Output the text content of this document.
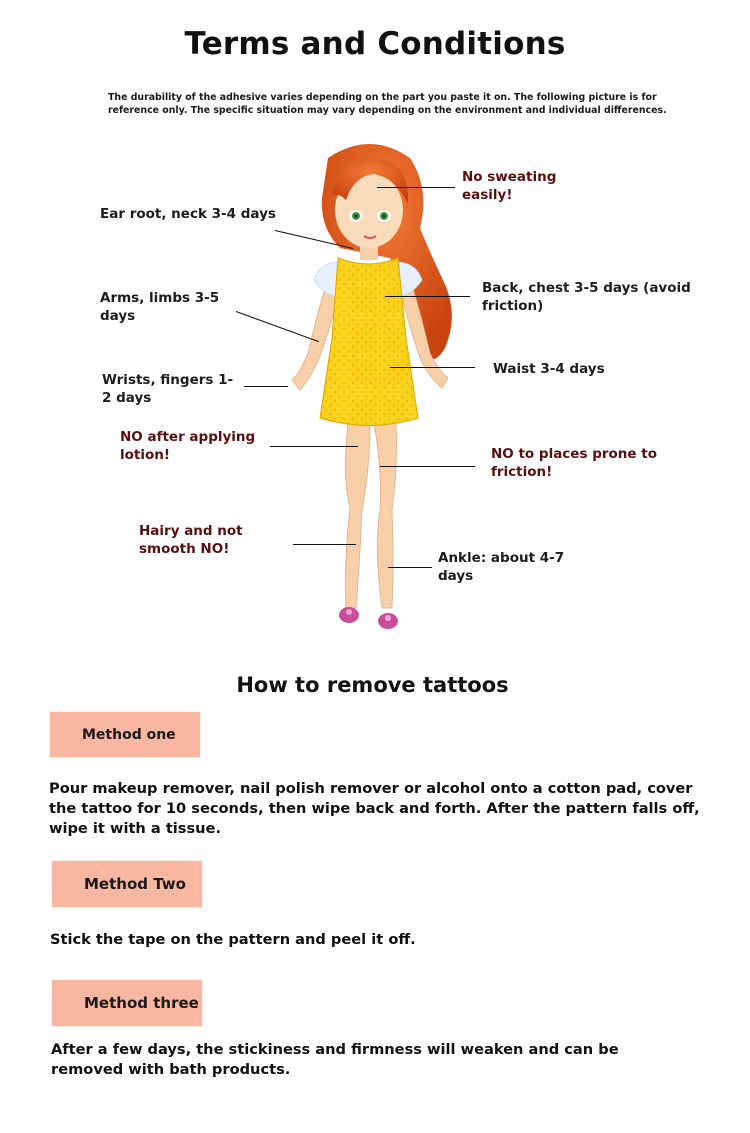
Terms and Conditions
The durability of the adhesive varies depending on the part you paste it on. The following picture is for reference only. The specific situation may vary depending on the environment and individual differences.
No sweating easily!
Ear root, neck 3-4 days
Back, chest 3-5 days (avoid friction)
Arms, limbs 3-5 days
Waist 3-4 days
Wrists, fingers 1-2 days
NO after applying lotion!	NO to places prone to friction!
Hairy and not smooth NO!
Ankle: about 4-7 days
How to remove tattoos
Method one
Pour makeup remover, nail polish remover or alcohol onto a cotton pad, cover the tattoo for 10 seconds, then wipe back and forth. After the pattern falls off, wipe it with a tissue.
Method Two
Stick the tape on the pattern and peel it off.
Method three
After a few days, the stickiness and firmness will weaken and can be removed with bath products.
